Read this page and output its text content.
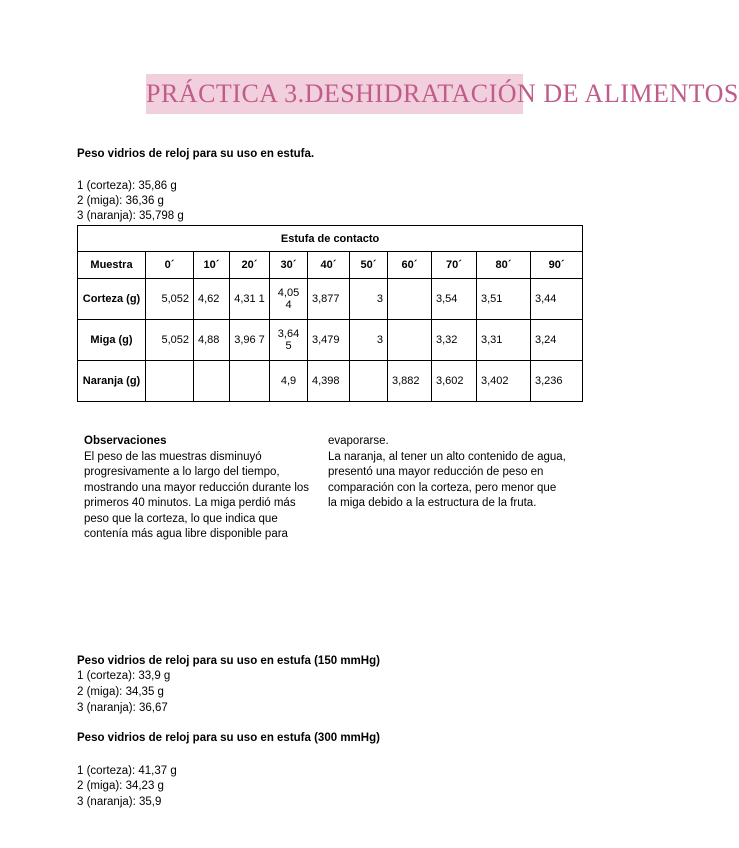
PRÁCTICA 3.DESHIDRATACIÓN DE ALIMENTOS
Peso vidrios de reloj para su uso en estufa.
1 (corteza): 35,86 g
2 (miga): 36,36 g
3 (naranja): 35,798 g
Estufa de contacto										
Muestra	0´	10´	20´	30´	40´	50´	60´	70´	80´	90´
Corteza (g)	5,052	4,62	4,31 1	4,05 4	3,877	3		3,54	3,51	3,44
Miga (g)	5,052	4,88	3,96 7	3,64 5	3,479	3		3,32	3,31	3,24
Naranja (g)				4,9	4,398		3,882	3,602	3,402	3,236
Observaciones
El peso de las muestras disminuyó
progresivamente a lo largo del tiempo,
mostrando una mayor reducción durante los
primeros 40 minutos. La miga perdió más
peso que la corteza, lo que indica que
contenía más agua libre disponible para
evaporarse.
La naranja, al tener un alto contenido de agua,
presentó una mayor reducción de peso en
comparación con la corteza, pero menor que
la miga debido a la estructura de la fruta.
Peso vidrios de reloj para su uso en estufa (150 mmHg)
1 (corteza): 33,9 g
2 (miga): 34,35 g
3 (naranja): 36,67
Peso vidrios de reloj para su uso en estufa (300 mmHg)
1 (corteza): 41,37 g
2 (miga): 34,23 g
3 (naranja): 35,9
